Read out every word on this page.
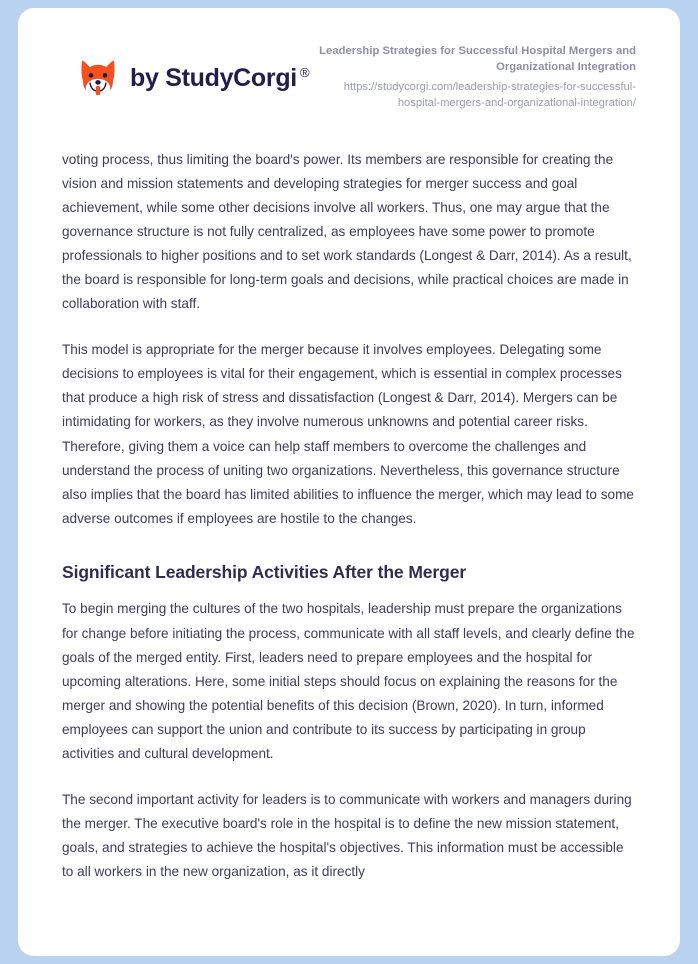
by StudyCorgi ®

Leadership Strategies for Successful Hospital Mergers and Organizational Integration

https://studycorgi.com/leadership-strategies-for-successful-hospital-mergers-and-organizational-integration/

voting process, thus limiting the board's power. Its members are responsible for creating the vision and mission statements and developing strategies for merger success and goal achievement, while some other decisions involve all workers. Thus, one may argue that the governance structure is not fully centralized, as employees have some power to promote professionals to higher positions and to set work standards (Longest & Darr, 2014). As a result, the board is responsible for long-term goals and decisions, while practical choices are made in collaboration with staff.

This model is appropriate for the merger because it involves employees. Delegating some decisions to employees is vital for their engagement, which is essential in complex processes that produce a high risk of stress and dissatisfaction (Longest & Darr, 2014). Mergers can be intimidating for workers, as they involve numerous unknowns and potential career risks. Therefore, giving them a voice can help staff members to overcome the challenges and understand the process of uniting two organizations. Nevertheless, this governance structure also implies that the board has limited abilities to influence the merger, which may lead to some adverse outcomes if employees are hostile to the changes.

Significant Leadership Activities After the Merger

To begin merging the cultures of the two hospitals, leadership must prepare the organizations for change before initiating the process, communicate with all staff levels, and clearly define the goals of the merged entity. First, leaders need to prepare employees and the hospital for upcoming alterations. Here, some initial steps should focus on explaining the reasons for the merger and showing the potential benefits of this decision (Brown, 2020). In turn, informed employees can support the union and contribute to its success by participating in group activities and cultural development.

The second important activity for leaders is to communicate with workers and managers during the merger. The executive board's role in the hospital is to define the new mission statement, goals, and strategies to achieve the hospital's objectives. This information must be accessible to all workers in the new organization, as it directly
